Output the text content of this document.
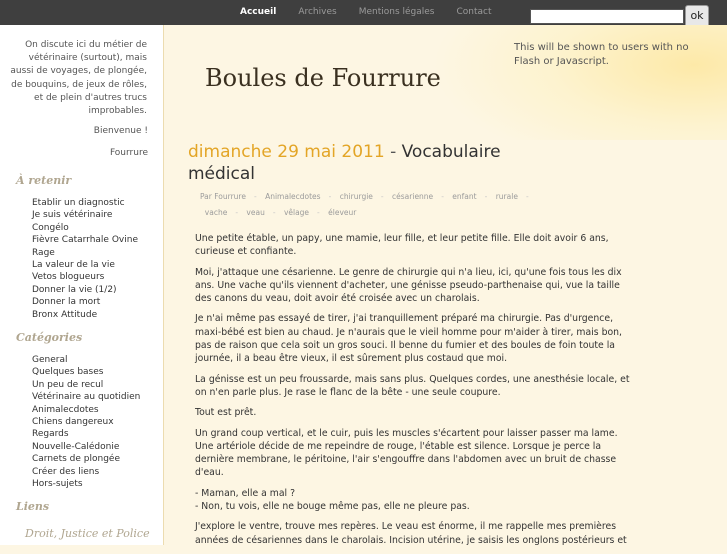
Accueil Archives Mentions légales Contact	ok
On discute ici du métier de vétérinaire (surtout), mais aussi de voyages, de plongée, de bouquins, de jeux de rôles, et de plein d'autres trucs improbables.
Bienvenue !
Fourrure
À retenir
Etablir un diagnostic
Je suis vétérinaire
Congélo
Fièvre Catarrhale Ovine
Rage
La valeur de la vie
Vetos blogueurs
Donner la vie (1/2)
Donner la mort
Bronx Attitude
Catégories
General
Quelques bases
Un peu de recul
Vétérinaire au quotidien
Animalecdotes
Chiens dangereux
Regards
Nouvelle-Calédonie
Carnets de plongée
Créer des liens
Hors-sujets
Liens
Droit, Justice et Police
Boules de Fourrure
This will be shown to users with no Flash or Javascript.
dimanche 29 mai 2011 - Vocabulaire médical
Par Fourrure - Animalecdotes - chirurgie - césarienne - enfant - rurale -
vache - veau - vêlage - éleveur

Une petite étable, un papy, une mamie, leur fille, et leur petite fille. Elle doit avoir 6 ans, curieuse et confiante.

Moi, j'attaque une césarienne. Le genre de chirurgie qui n'a lieu, ici, qu'une fois tous les dix ans. Une vache qu'ils viennent d'acheter, une génisse pseudo-parthenaise qui, vue la taille des canons du veau, doit avoir été croisée avec un charolais.

Je n'ai même pas essayé de tirer, j'ai tranquillement préparé ma chirurgie. Pas d'urgence, maxi-bébé est bien au chaud. Je n'aurais que le vieil homme pour m'aider à tirer, mais bon, pas de raison que cela soit un gros souci. Il benne du fumier et des boules de foin toute la journée, il a beau être vieux, il est sûrement plus costaud que moi.

La génisse est un peu froussarde, mais sans plus. Quelques cordes, une anesthésie locale, et on n'en parle plus. Je rase le flanc de la bête - une seule coupure.

Tout est prêt.

Un grand coup vertical, et le cuir, puis les muscles s'écartent pour laisser passer ma lame. Une artériole décide de me repeindre de rouge, l'étable est silence. Lorsque je perce la dernière membrane, le péritoine, l'air s'engouffre dans l'abdomen avec un bruit de chasse d'eau.

- Maman, elle a mal ?

- Non, tu vois, elle ne bouge même pas, elle ne pleure pas.

J'explore le ventre, trouve mes repères. Le veau est énorme, il me rappelle mes premières années de césariennes dans le charolais. Incision utérine, je saisis les onglons postérieurs et
